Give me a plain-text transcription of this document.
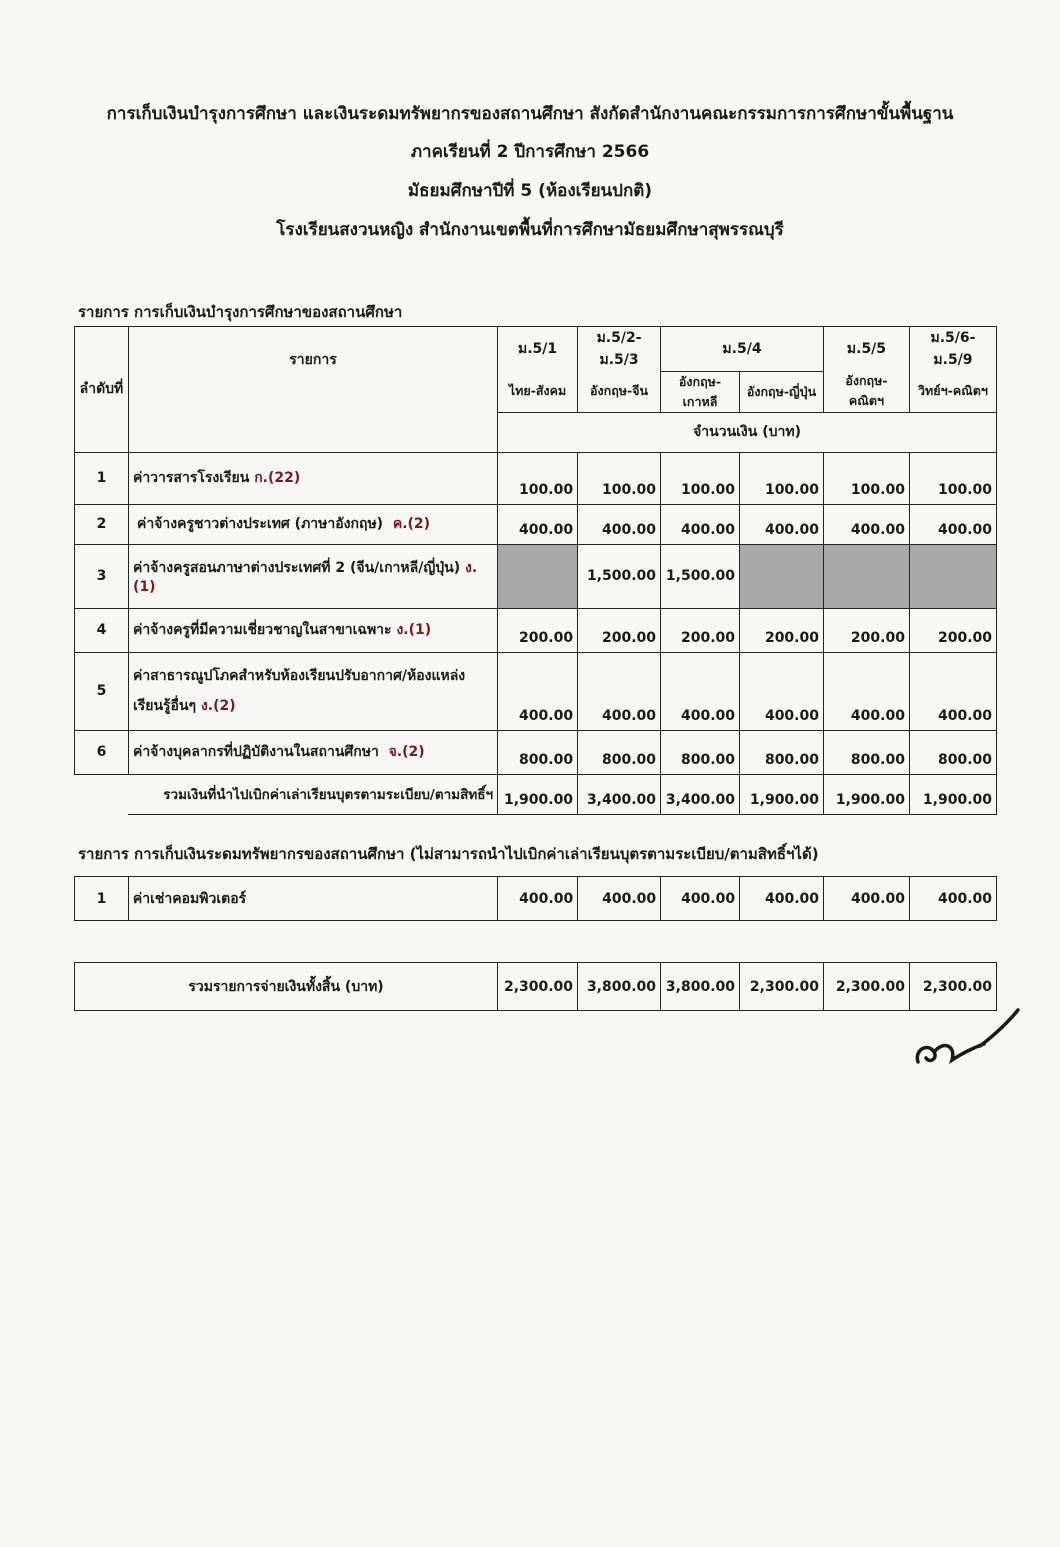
การเก็บเงินบำรุงการศึกษา และเงินระดมทรัพยากรของสถานศึกษา สังกัดสำนักงานคณะกรรมการการศึกษาขั้นพื้นฐาน
ภาคเรียนที่ 2 ปีการศึกษา 2566
มัธยมศึกษาปีที่ 5 (ห้องเรียนปกติ)
โรงเรียนสงวนหญิง สำนักงานเขตพื้นที่การศึกษามัธยมศึกษาสุพรรณบุรี
รายการ การเก็บเงินบำรุงการศึกษาของสถานศึกษา
ลำดับที่	รายการ	ม.5/1	ม.5/2-ม.5/3	ม.5/4		ม.5/5	ม.5/6-ม.5/9
		ไทย-สังคม	อังกฤษ-จีน	อังกฤษ-เกาหลี	อังกฤษ-ญี่ปุ่น	อังกฤษ-คณิตฯ	วิทย์ฯ-คณิตฯ
		จำนวนเงิน (บาท)					
1	ค่าวารสารโรงเรียน ก.(22)	100.00	100.00	100.00	100.00	100.00	100.00
2	ค่าจ้างครูชาวต่างประเทศ (ภาษาอังกฤษ) ค.(2)	400.00	400.00	400.00	400.00	400.00	400.00
3	ค่าจ้างครูสอนภาษาต่างประเทศที่ 2 (จีน/เกาหลี/ญี่ปุ่น) ง.(1)		1,500.00	1,500.00			
4	ค่าจ้างครูที่มีความเชี่ยวชาญในสาขาเฉพาะ ง.(1)	200.00	200.00	200.00	200.00	200.00	200.00
5	ค่าสาธารณูปโภคสำหรับห้องเรียนปรับอากาศ/ห้องแหล่ง
เรียนรู้อื่นๆ ง.(2)	400.00	400.00	400.00	400.00	400.00	400.00
6	ค่าจ้างบุคลากรที่ปฏิบัติงานในสถานศึกษา จ.(2)	800.00	800.00	800.00	800.00	800.00	800.00
	รวมเงินที่นำไปเบิกค่าเล่าเรียนบุตรตามระเบียบ/ตามสิทธิ์ฯ	1,900.00	3,400.00	3,400.00	1,900.00	1,900.00	1,900.00
รายการ การเก็บเงินระดมทรัพยากรของสถานศึกษา (ไม่สามารถนำไปเบิกค่าเล่าเรียนบุตรตามระเบียบ/ตามสิทธิ์ฯได้)
1	ค่าเช่าคอมพิวเตอร์	400.00	400.00	400.00	400.00	400.00	400.00
รวมรายการจ่ายเงินทั้งสิ้น (บาท)	2,300.00	3,800.00	3,800.00	2,300.00	2,300.00	2,300.00
